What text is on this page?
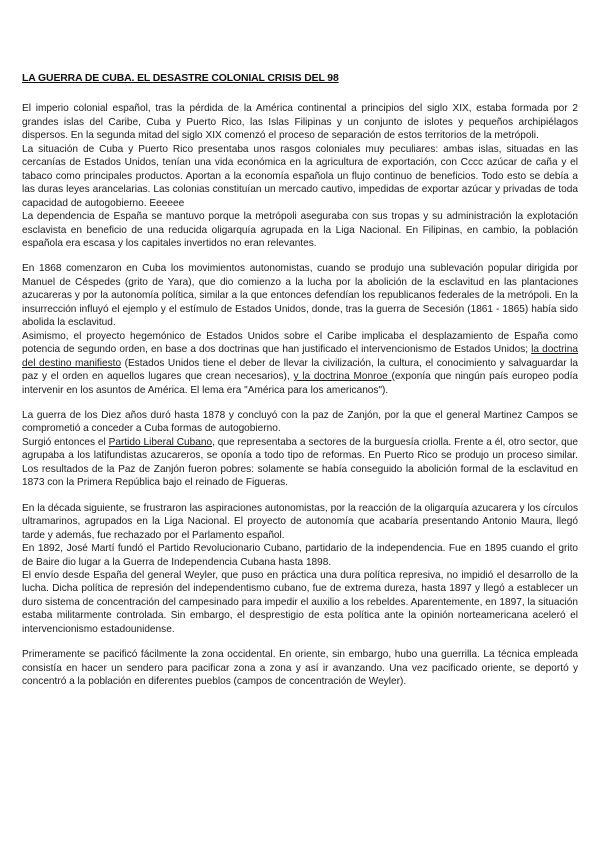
LA GUERRA DE CUBA. EL DESASTRE COLONIAL CRISIS DEL 98

El imperio colonial español, tras la pérdida de la América continental a principios del siglo XIX, estaba formada por 2 grandes islas del Caribe, Cuba y Puerto Rico, las Islas Filipinas y un conjunto de islotes y pequeños archipiélagos dispersos. En la segunda mitad del siglo XIX comenzó el proceso de separación de estos territorios de la metrópoli.

La situación de Cuba y Puerto Rico presentaba unos rasgos coloniales muy peculiares: ambas islas, situadas en las cercanías de Estados Unidos, tenían una vida económica en la agricultura de exportación, con Cccc azúcar de caña y el tabaco como principales productos. Aportan a la economía española un flujo continuo de beneficios. Todo esto se debía a las duras leyes arancelarias. Las colonias constituían un mercado cautivo, impedidas de exportar azúcar y privadas de toda capacidad de autogobierno. Eeeeee

La dependencia de España se mantuvo porque la metrópoli aseguraba con sus tropas y su administración la explotación esclavista en beneficio de una reducida oligarquía agrupada en la Liga Nacional. En Filipinas, en cambio, la población española era escasa y los capitales invertidos no eran relevantes.

En 1868 comenzaron en Cuba los movimientos autonomistas, cuando se produjo una sublevación popular dirigida por Manuel de Céspedes (grito de Yara), que dio comienzo a la lucha por la abolición de la esclavitud en las plantaciones azucareras y por la autonomía política, similar a la que entonces defendían los republicanos federales de la metrópoli. En la insurrección influyó el ejemplo y el estímulo de Estados Unidos, donde, tras la guerra de Secesión (1861 - 1865) había sido abolida la esclavitud.

Asimismo, el proyecto hegemónico de Estados Unidos sobre el Caribe implicaba el desplazamiento de España como potencia de segundo orden, en base a dos doctrinas que han justificado el intervencionismo de Estados Unidos; la doctrina del destino manifiesto (Estados Unidos tiene el deber de llevar la civilización, la cultura, el conocimiento y salvaguardar la paz y el orden en aquellos lugares que crean necesarios), y la doctrina Monroe (exponía que ningún país europeo podía intervenir en los asuntos de América. El lema era "América para los americanos").

La guerra de los Diez años duró hasta 1878 y concluyó con la paz de Zanjón, por la que el general Martinez Campos se comprometió a conceder a Cuba formas de autogobierno.

Surgió entonces el Partido Liberal Cubano, que representaba a sectores de la burguesía criolla. Frente a él, otro sector, que agrupaba a los latifundistas azucareros, se oponía a todo tipo de reformas. En Puerto Rico se produjo un proceso similar. Los resultados de la Paz de Zanjón fueron pobres: solamente se había conseguido la abolición formal de la esclavitud en 1873 con la Primera República bajo el reinado de Figueras.

En la década siguiente, se frustraron las aspiraciones autonomistas, por la reacción de la oligarquía azucarera y los círculos ultramarinos, agrupados en la Liga Nacional. El proyecto de autonomía que acabaría presentando Antonio Maura, llegó tarde y además, fue rechazado por el Parlamento español.

En 1892, José Martí fundó el Partido Revolucionario Cubano, partidario de la independencia. Fue en 1895 cuando el grito de Baire dio lugar a la Guerra de Independencia Cubana hasta 1898.

El envío desde España del general Weyler, que puso en práctica una dura política represiva, no impidió el desarrollo de la lucha. Dicha política de represión del independentismo cubano, fue de extrema dureza, hasta 1897 y llegó a establecer un duro sistema de concentración del campesinado para impedir el auxilio a los rebeldes. Aparentemente, en 1897, la situación estaba militarmente controlada. Sin embargo, el desprestigio de esta política ante la opinión norteamericana aceleró el intervencionismo estadounidense.

Primeramente se pacificó fácilmente la zona occidental. En oriente, sin embargo, hubo una guerrilla. La técnica empleada consistía en hacer un sendero para pacificar zona a zona y así ir avanzando. Una vez pacificado oriente, se deportó y concentró a la población en diferentes pueblos (campos de concentración de Weyler).
